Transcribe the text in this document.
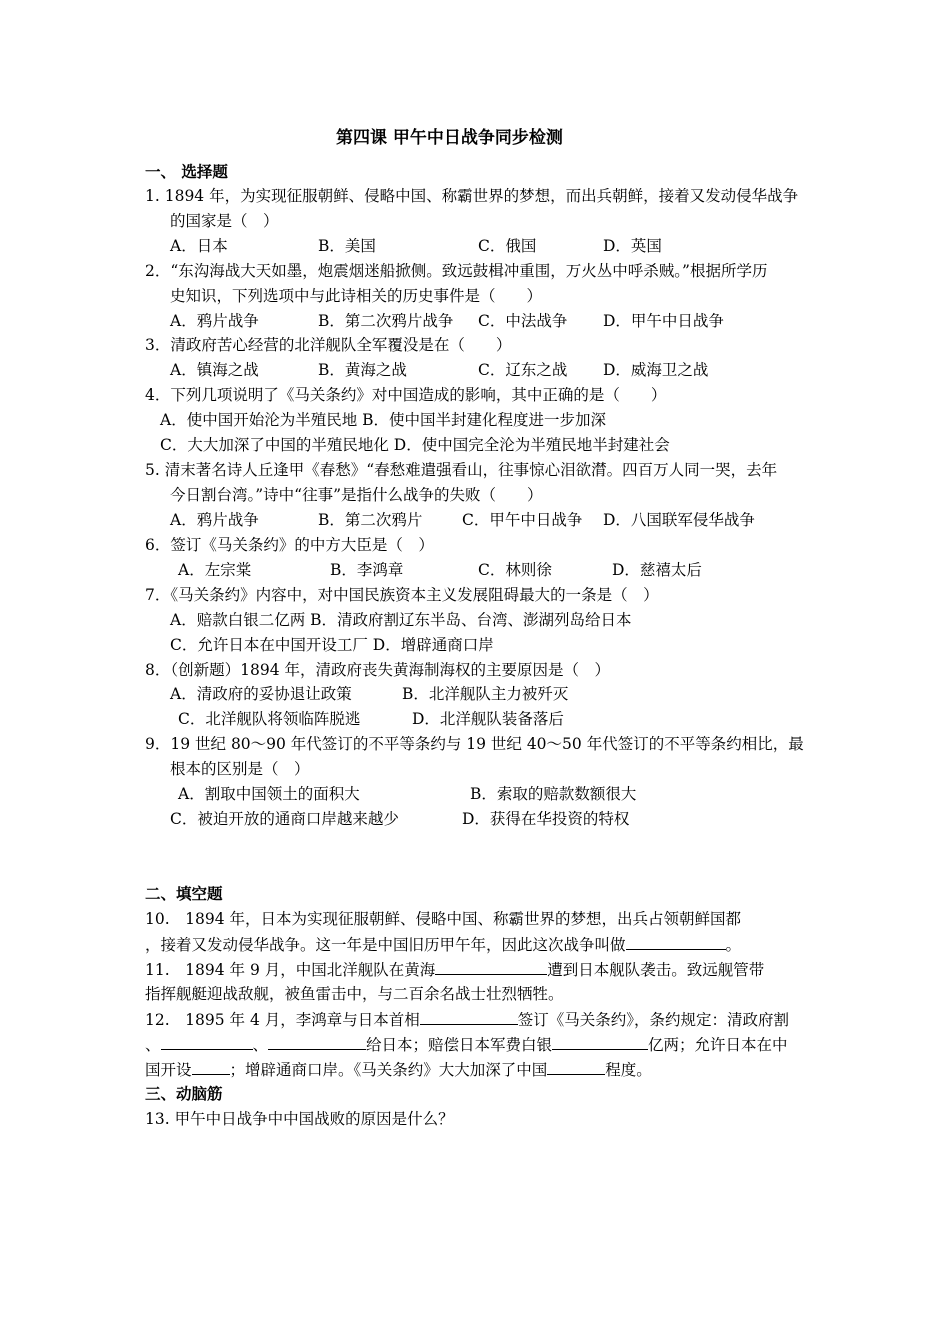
第四课 甲午中日战争同步检测
一、 选择题
1. 1894 年，为实现征服朝鲜、侵略中国、称霸世界的梦想，而出兵朝鲜，接着又发动侵华战争
的国家是（　）
A．日本	B．美国	C．俄国	D．英国
2．“东沟海战大天如墨，炮震烟迷船掀侧。致远鼓楫冲重围，万火丛中呼杀贼。”根据所学历
史知识，下列选项中与此诗相关的历史事件是（　　）
A．鸦片战争	B．第二次鸦片战争 C．中法战争 D．甲午中日战争
3．清政府苦心经营的北洋舰队全军覆没是在（　　）
A．镇海之战	B．黄海之战	C．辽东之战 D．威海卫之战
4．下列几项说明了《马关条约》对中国造成的影响，其中正确的是（　　）
A．使中国开始沦为半殖民地 B．使中国半封建化程度进一步加深
C．大大加深了中国的半殖民地化 D．使中国完全沦为半殖民地半封建社会
5. 清末著名诗人丘逢甲《春愁》“春愁难遣强看山，往事惊心泪欲潸。四百万人同一哭，去年
今日割台湾。”诗中“往事”是指什么战争的失败（　　）
A．鸦片战争	B．第二次鸦片	C．甲午中日战争 D．八国联军侵华战争
6．签订《马关条约》的中方大臣是（　）
A．左宗棠	B．李鸿章	C．林则徐	D．慈禧太后
7．《马关条约》内容中，对中国民族资本主义发展阻碍最大的一条是（　）
A．赔款白银二亿两 B．清政府割辽东半岛、台湾、澎湖列岛给日本
C．允许日本在中国开设工厂 D．增辟通商口岸
8．（创新题）1894 年，清政府丧失黄海制海权的主要原因是（　）
A．清政府的妥协退让政策	B．北洋舰队主力被歼灭
C．北洋舰队将领临阵脱逃	D．北洋舰队装备落后
9．19 世纪 80～90 年代签订的不平等条约与 19 世纪 40～50 年代签订的不平等条约相比，最
根本的区别是（　）
A．割取中国领土的面积大	B．索取的赔款数额很大
C．被迫开放的通商口岸越来越少	D．获得在华投资的特权
二、填空题
10.　1894 年，日本为实现征服朝鲜、侵略中国、称霸世界的梦想，出兵占领朝鲜国都
，接着又发动侵华战争。这一年是中国旧历甲午年，因此这次战争叫做	。
11.　1894 年 9 月，中国北洋舰队在黄海	遭到日本舰队袭击。致远舰管带
指挥舰艇迎战敌舰，被鱼雷击中，与二百余名战士壮烈牺牲。
12.　1895 年 4 月，李鸿章与日本首相	签订《马关条约》，条约规定：清政府割
、	、	给日本；赔偿日本军费白银	亿两；允许日本在中
国开设 ；增辟通商口岸。《马关条约》大大加深了中国	程度。
三、动脑筋
13. 甲午中日战争中中国战败的原因是什么？
